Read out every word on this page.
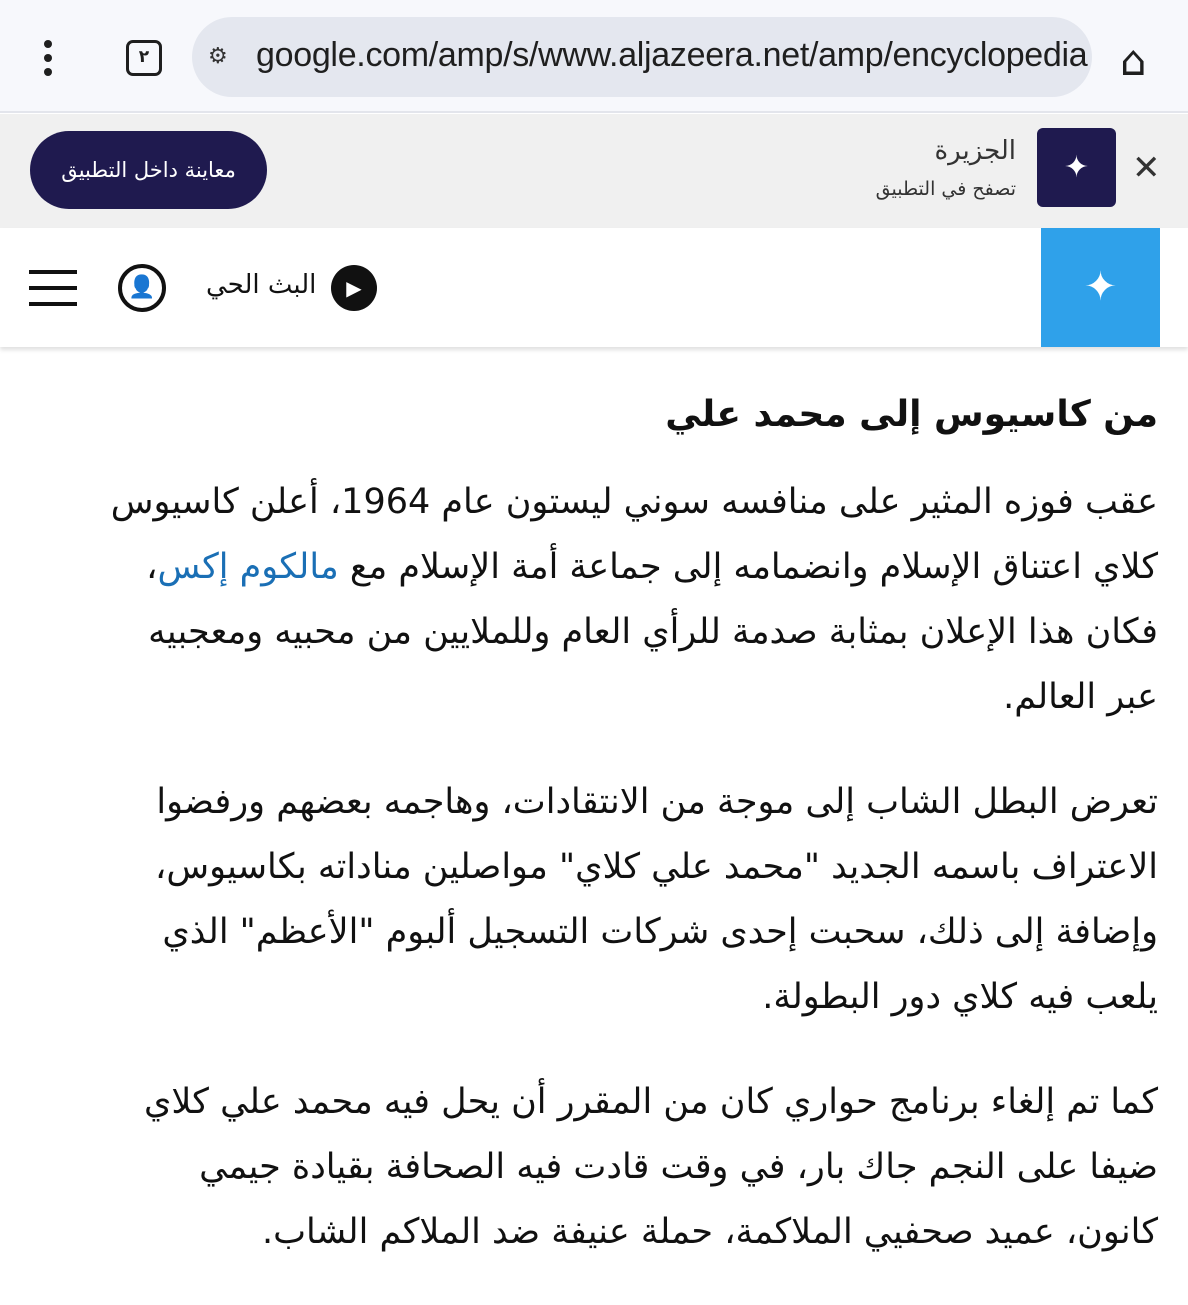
٢	⚙ google.com/amp/s/www.aljazeera.net/amp/encyclopedia ⌂
معاينة داخل التطبيق
الجزيرة
تصفح في التطبيق
✦	✕
👤	البث الحي	▶	✦
من كاسيوس إلى محمد علي
عقب فوزه المثير على منافسه سوني ليستون عام 1964، أعلن كاسيوس
كلاي اعتناق الإسلام وانضمامه إلى جماعة أمة الإسلام مع مالكوم إكس،
فكان هذا الإعلان بمثابة صدمة للرأي العام وللملايين من محبيه ومعجبيه
عبر العالم.
تعرض البطل الشاب إلى موجة من الانتقادات، وهاجمه بعضهم ورفضوا
الاعتراف باسمه الجديد "محمد علي كلاي" مواصلين مناداته بكاسيوس،
وإضافة إلى ذلك، سحبت إحدى شركات التسجيل ألبوم "الأعظم" الذي
يلعب فيه كلاي دور البطولة.
كما تم إلغاء برنامج حواري كان من المقرر أن يحل فيه محمد علي كلاي
ضيفا على النجم جاك بار، في وقت قادت فيه الصحافة بقيادة جيمي
كانون، عميد صحفيي الملاكمة، حملة عنيفة ضد الملاكم الشاب.
